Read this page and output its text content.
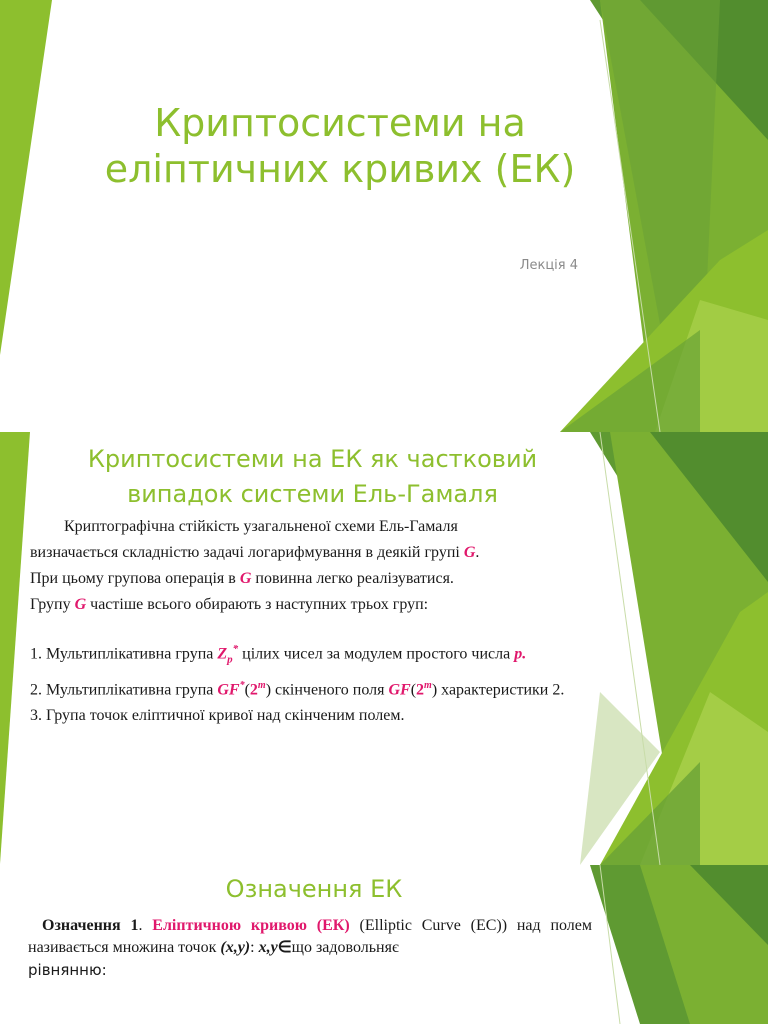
Криптосистеми на еліптичних кривих (ЕК)
Лекція 4
Криптосистеми на ЕК як частковий випадок системи Ель-Гамаля

Криптографічна стійкість узагальненої схеми Ель-Гамаля

визначається складністю задачі логарифмування в деякій групі G.

При цьому групова операція в G повинна легко реалізуватися.

Групу G частіше всього обирають з наступних трьох груп:

1. Мультиплікативна група $Z_p^*$ цілих чисел за модулем простого числа p.

2. Мультиплікативна група GF*(2$^m$) скінченого поля GF(2$^m$) характеристики 2.

3. Група точок еліптичної кривої над скінченим полем.

Означення ЕК
Означення 1. Еліптичною кривою (ЕК) (Elliptic Curve (EC)) над полем називається множина точок (x,y): x,y∈що задовольняє
рівнянню:
